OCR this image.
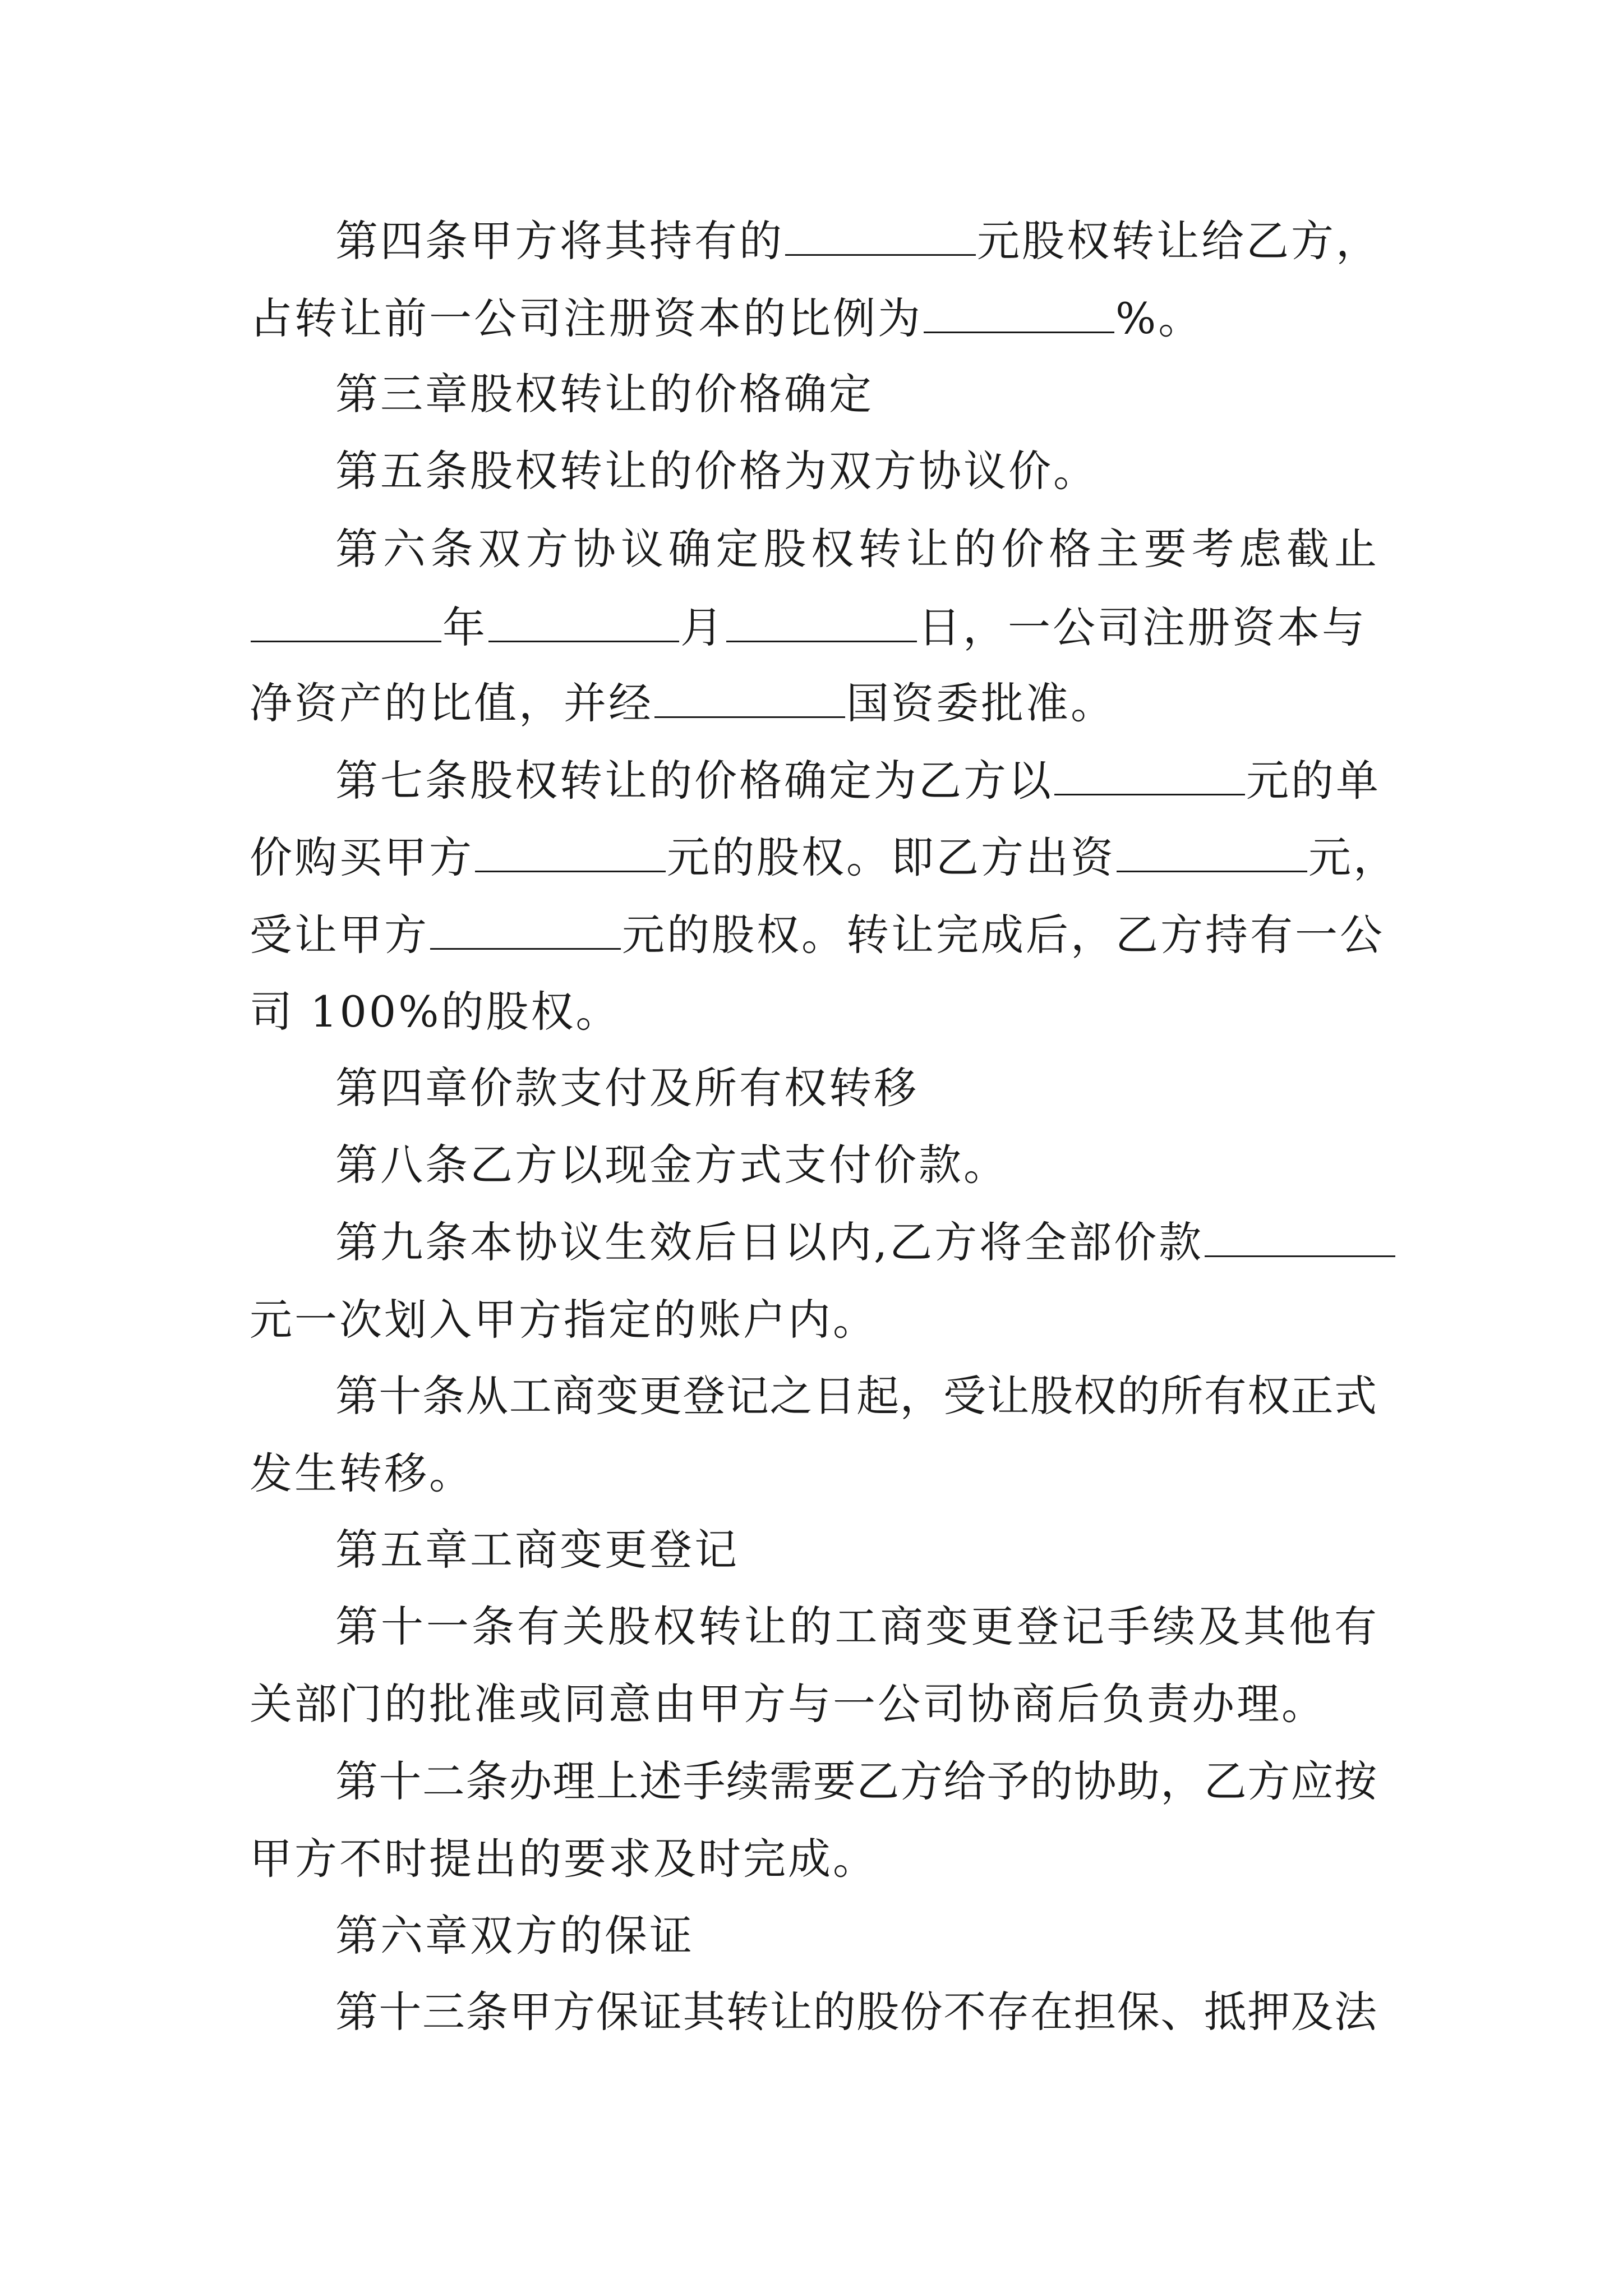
第四条甲方将其持有的	元股权转让给乙方，
占转让前一公司注册资本的比例为	%。
第三章股权转让的价格确定
第五条股权转让的价格为双方协议价。
第六条双方协议确定股权转让的价格主要考虑截止
年	月	日，一公司注册资本与
净资产的比值，并经	国资委批准。
第七条股权转让的价格确定为乙方以	元的单
价购买甲方	元的股权。即乙方出资	元，
受让甲方	元的股权。转让完成后，乙方持有一公
司 100%的股权。
第四章价款支付及所有权转移
第八条乙方以现金方式支付价款。
第九条本协议生效后日以内,乙方将全部价款
元一次划入甲方指定的账户内。
第十条从工商变更登记之日起，受让股权的所有权正式
发生转移。
第五章工商变更登记
第十一条有关股权转让的工商变更登记手续及其他有
关部门的批准或同意由甲方与一公司协商后负责办理。
第十二条办理上述手续需要乙方给予的协助，乙方应按
甲方不时提出的要求及时完成。
第六章双方的保证
第十三条甲方保证其转让的股份不存在担保、抵押及法
